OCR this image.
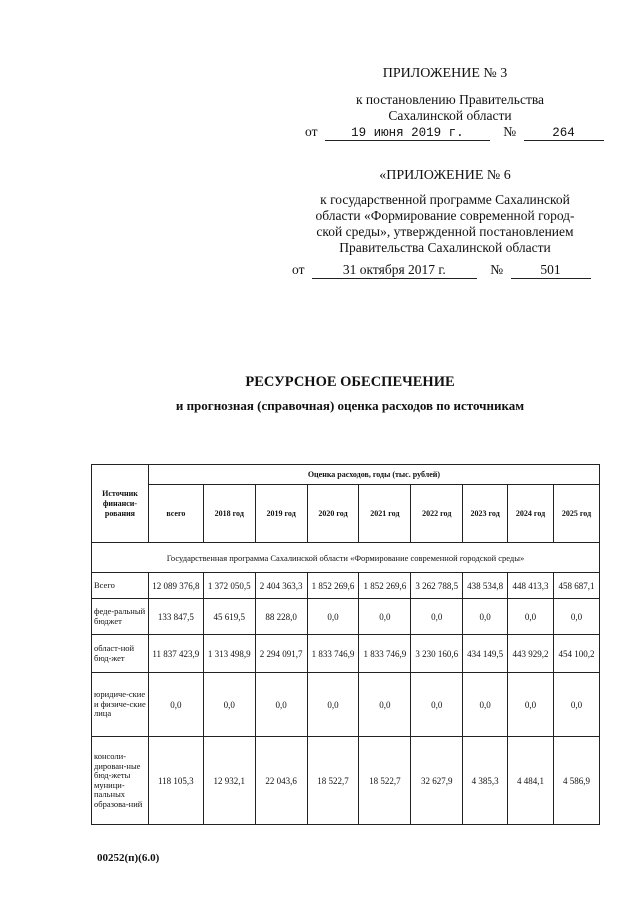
ПРИЛОЖЕНИЕ № 3
к постановлению Правительства
Сахалинской области
от	19 июня 2019 г.	№	264
«ПРИЛОЖЕНИЕ № 6
к государственной программе Сахалинской
области «Формирование современной город-
ской среды», утвержденной постановлением
Правительства Сахалинской области
от	31 октября 2017 г.	№	501
РЕСУРСНОЕ ОБЕСПЕЧЕНИЕ
и прогнозная (справочная) оценка расходов по источникам
Источник финанси-рования	Оценка расходов, годы (тыс. рублей)								
	всего	2018 год	2019 год	2020 год	2021 год	2022 год	2023 год	2024 год	2025 год
Государственная программа Сахалинской области «Формирование современной городской среды»									
Всего	12 089 376,8	1 372 050,5	2 404 363,3	1 852 269,6	1 852 269,6	3 262 788,5	438 534,8	448 413,3	458 687,1
феде-ральный бюджет	133 847,5	45 619,5	88 228,0	0,0	0,0	0,0	0,0	0,0	0,0
област-ной бюд-жет	11 837 423,9	1 313 498,9	2 294 091,7	1 833 746,9	1 833 746,9	3 230 160,6	434 149,5	443 929,2	454 100,2
юридиче-ские и физиче-ские лица	0,0	0,0	0,0	0,0	0,0	0,0	0,0	0,0	0,0
консоли-дирован-ные бюд-жеты муници-пальных образова-ний	118 105,3	12 932,1	22 043,6	18 522,7	18 522,7	32 627,9	4 385,3	4 484,1	4 586,9
00252(п)(6.0)
